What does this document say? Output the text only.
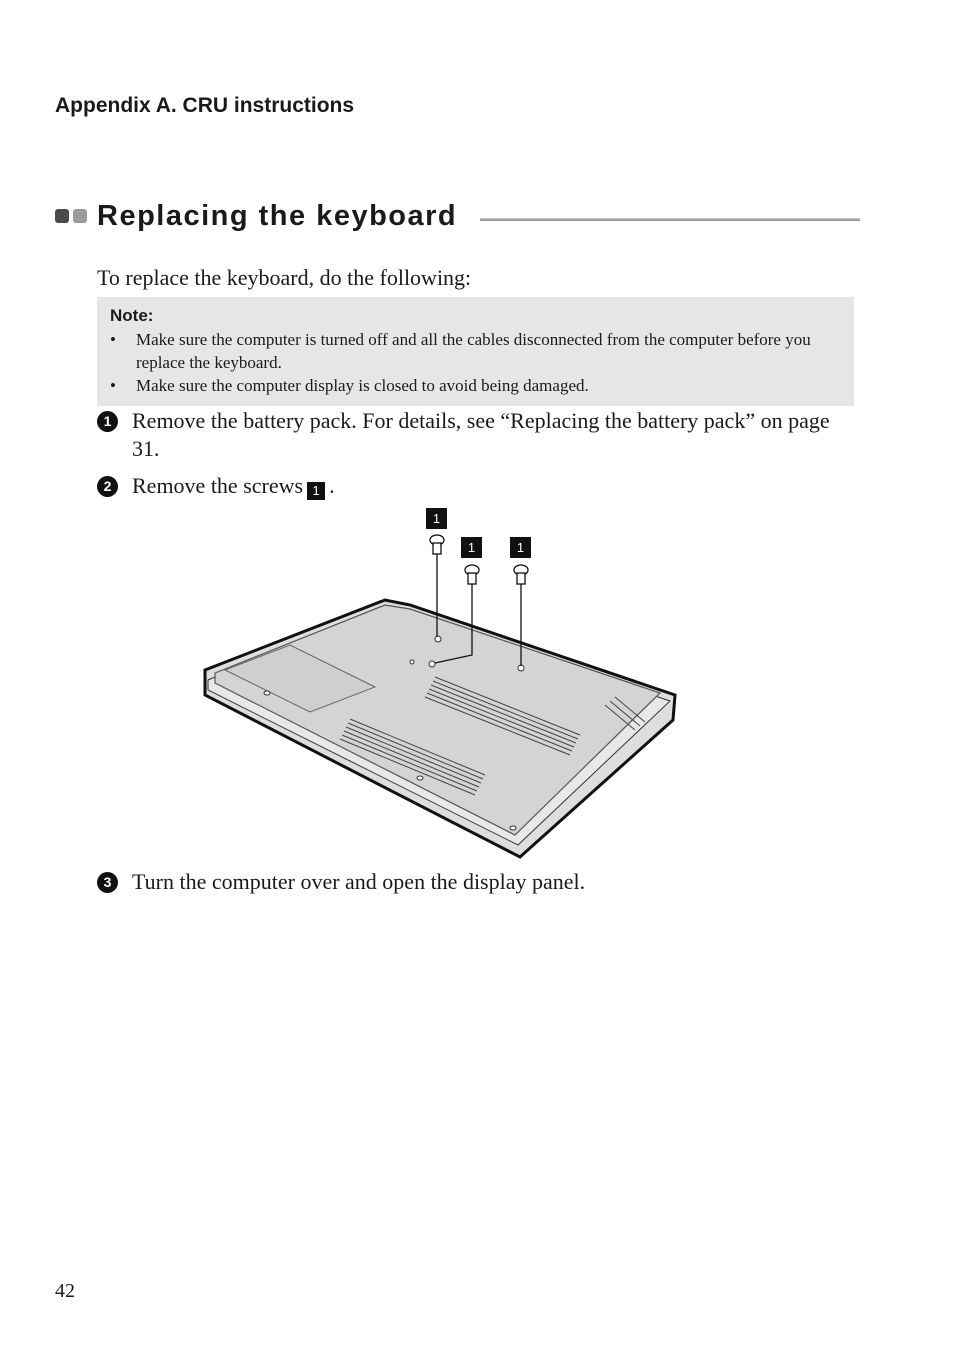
Appendix A. CRU instructions
Replacing the keyboard
To replace the keyboard, do the following:
Note:
• Make sure the computer is turned off and all the cables disconnected from the computer before you replace the keyboard.
• Make sure the computer display is closed to avoid being damaged.
1 Remove the battery pack. For details, see “Replacing the battery pack” on page 31.
2 Remove the screws 1 .
1
1	1
3 Turn the computer over and open the display panel.
42
